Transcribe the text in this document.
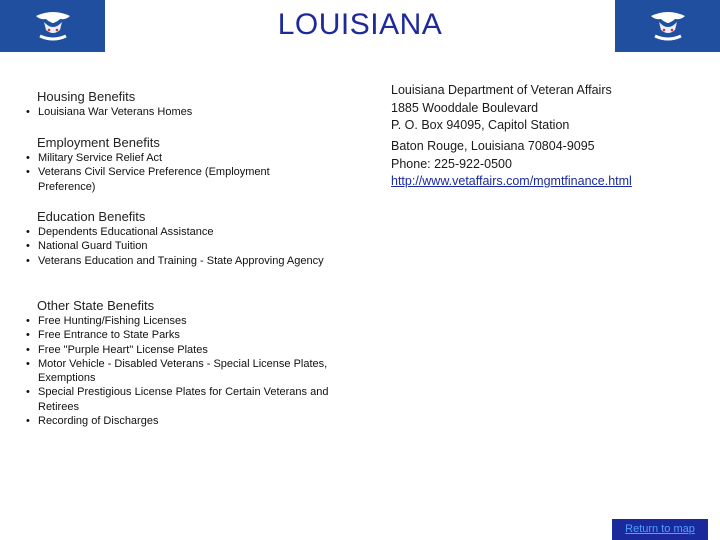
LOUISIANA
Housing Benefits
• Louisiana War Veterans Homes
Employment Benefits
• Military Service Relief Act
• Veterans Civil Service Preference (Employment Preference)
Education Benefits
• Dependents Educational Assistance
• National Guard Tuition
• Veterans Education and Training - State Approving Agency
Other State Benefits
• Free Hunting/Fishing Licenses
• Free Entrance to State Parks
• Free "Purple Heart" License Plates
• Motor Vehicle - Disabled Veterans - Special License Plates, Exemptions
• Special Prestigious License Plates for Certain Veterans and Retirees
• Recording of Discharges
Louisiana Department of Veteran Affairs
1885 Wooddale Boulevard
P. O. Box 94095, Capitol Station
Baton Rouge, Louisiana 70804-9095
Phone: 225-922-0500
http://www.vetaffairs.com/mgmtfinance.html
Return to map
